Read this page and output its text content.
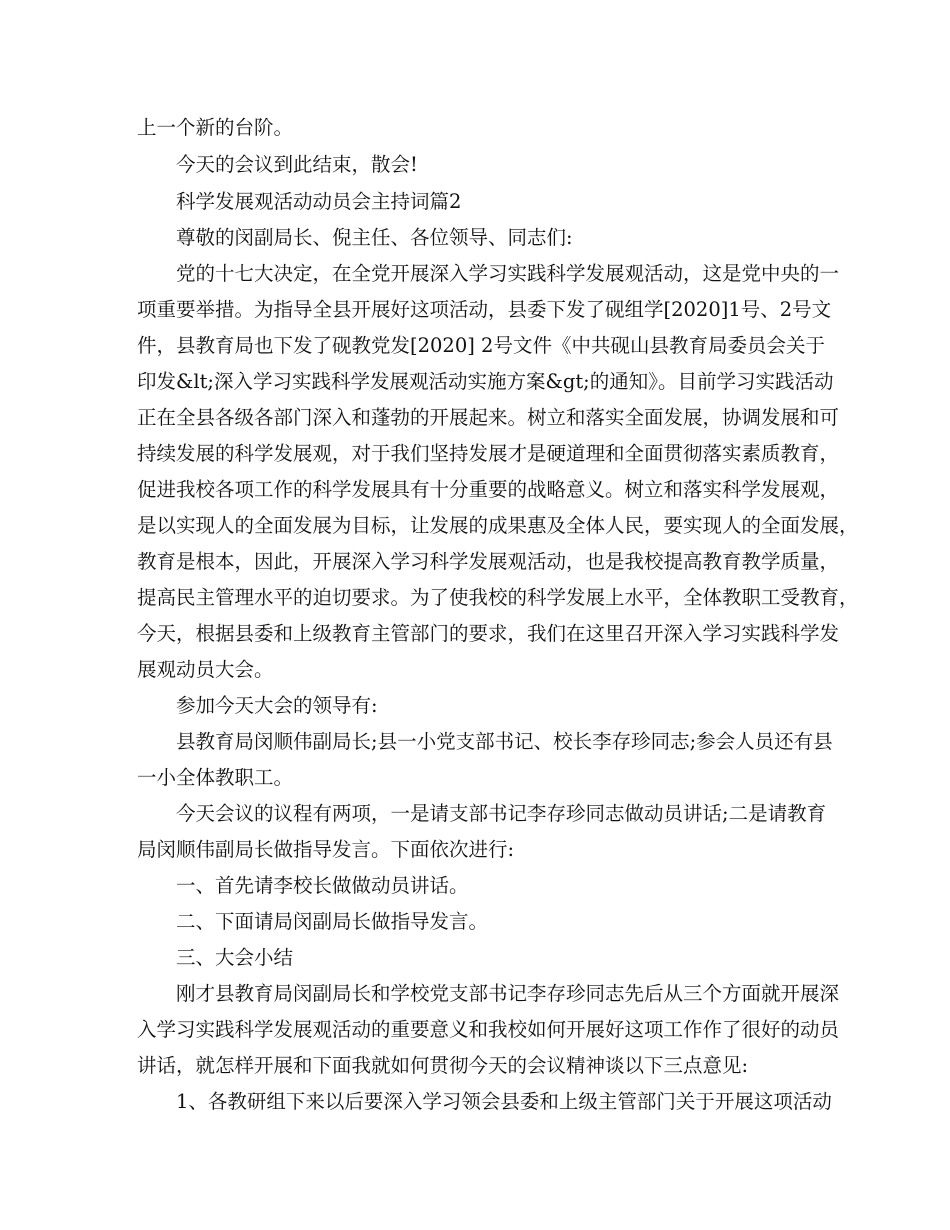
上一个新的台阶。
今天的会议到此结束，散会!
科学发展观活动动员会主持词篇2
尊敬的闵副局长、倪主任、各位领导、同志们:
党的十七大决定，在全党开展深入学习实践科学发展观活动，这是党中央的一
项重要举措。为指导全县开展好这项活动，县委下发了砚组学[2020]1号、2号文
件，县教育局也下发了砚教党发[2020] 2号文件《中共砚山县教育局委员会关于
印发&lt;深入学习实践科学发展观活动实施方案&gt;的通知》。目前学习实践活动
正在全县各级各部门深入和蓬勃的开展起来。树立和落实全面发展，协调发展和可
持续发展的科学发展观，对于我们坚持发展才是硬道理和全面贯彻落实素质教育，
促进我校各项工作的科学发展具有十分重要的战略意义。树立和落实科学发展观，
是以实现人的全面发展为目标，让发展的成果惠及全体人民，要实现人的全面发展，
教育是根本，因此，开展深入学习科学发展观活动，也是我校提高教育教学质量，
提高民主管理水平的迫切要求。为了使我校的科学发展上水平，全体教职工受教育，
今天，根据县委和上级教育主管部门的要求，我们在这里召开深入学习实践科学发
展观动员大会。
参加今天大会的领导有:
县教育局闵顺伟副局长;县一小党支部书记、校长李存珍同志;参会人员还有县
一小全体教职工。
今天会议的议程有两项，一是请支部书记李存珍同志做动员讲话;二是请教育
局闵顺伟副局长做指导发言。下面依次进行:
一、首先请李校长做做动员讲话。
二、下面请局闵副局长做指导发言。
三、大会小结
刚才县教育局闵副局长和学校党支部书记李存珍同志先后从三个方面就开展深
入学习实践科学发展观活动的重要意义和我校如何开展好这项工作作了很好的动员
讲话，就怎样开展和下面我就如何贯彻今天的会议精神谈以下三点意见:
1、各教研组下来以后要深入学习领会县委和上级主管部门关于开展这项活动
